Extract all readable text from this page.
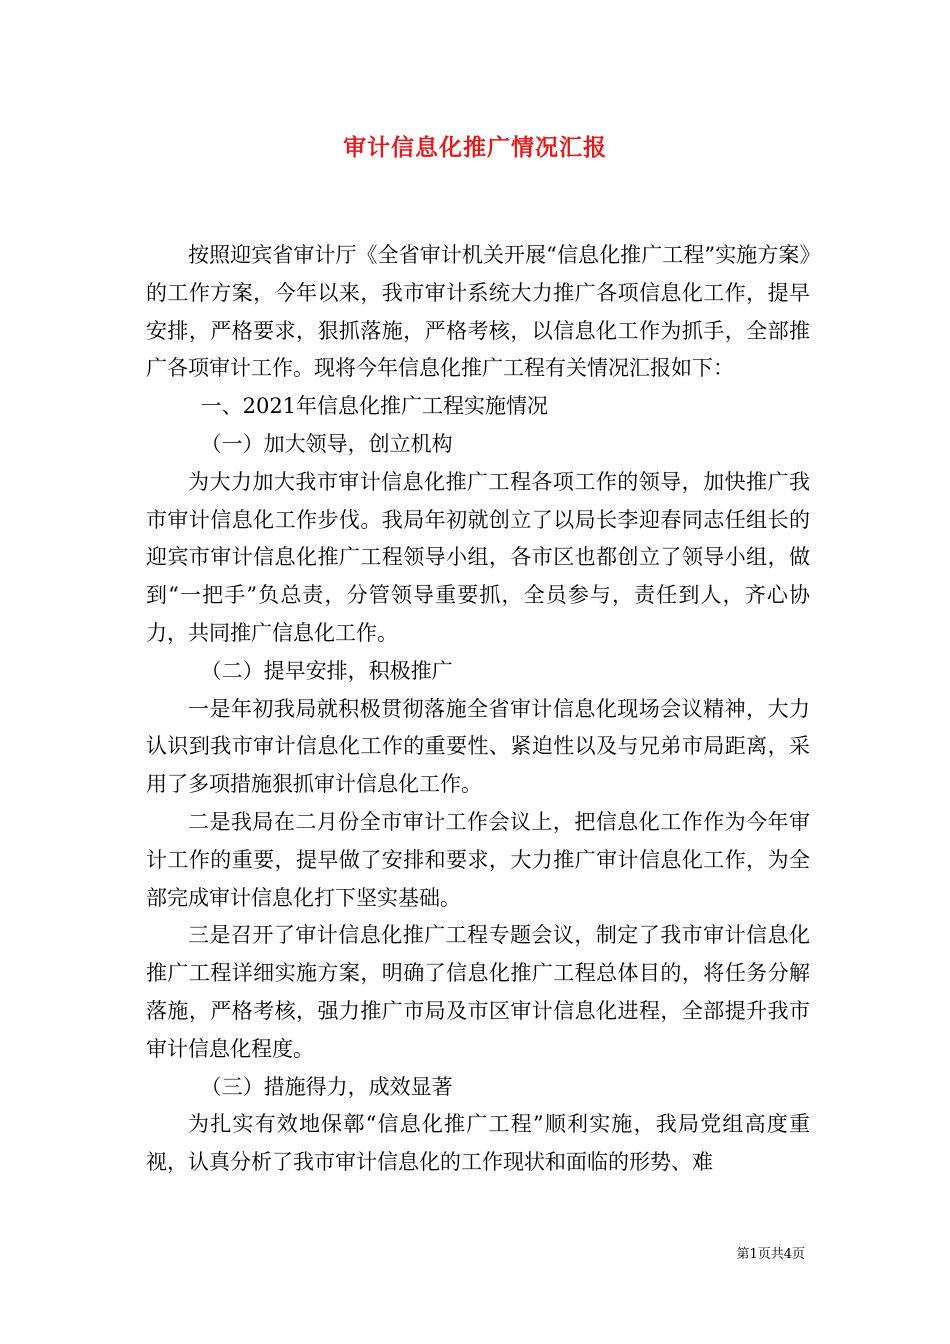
审计信息化推广情况汇报

按照迎宾省审计厅《全省审计机关开展“信息化推广工程”实施方案》的工作方案，今年以来，我市审计系统大力推广各项信息化工作，提早安排，严格要求，狠抓落施，严格考核，以信息化工作为抓手，全部推广各项审计工作。现将今年信息化推广工程有关情况汇报如下：

一、2021年信息化推广工程实施情况

（一）加大领导，创立机构

为大力加大我市审计信息化推广工程各项工作的领导，加快推广我市审计信息化工作步伐。我局年初就创立了以局长李迎春同志任组长的迎宾市审计信息化推广工程领导小组，各市区也都创立了领导小组，做到“一把手”负总责，分管领导重要抓，全员参与，责任到人，齐心协力，共同推广信息化工作。

（二）提早安排，积极推广

一是年初我局就积极贯彻落施全省审计信息化现场会议精神，大力认识到我市审计信息化工作的重要性、紧迫性以及与兄弟市局距离，采用了多项措施狠抓审计信息化工作。

二是我局在二月份全市审计工作会议上，把信息化工作作为今年审计工作的重要，提早做了安排和要求，大力推广审计信息化工作，为全部完成审计信息化打下坚实基础。

三是召开了审计信息化推广工程专题会议，制定了我市审计信息化推广工程详细实施方案，明确了信息化推广工程总体目的，将任务分解落施，严格考核，强力推广市局及市区审计信息化进程，全部提升我市审计信息化程度。

（三）措施得力，成效显著

为扎实有效地保鄣“信息化推广工程”顺利实施，我局党组高度重视，认真分析了我市审计信息化的工作现状和面临的形势、难

第1页共4页
